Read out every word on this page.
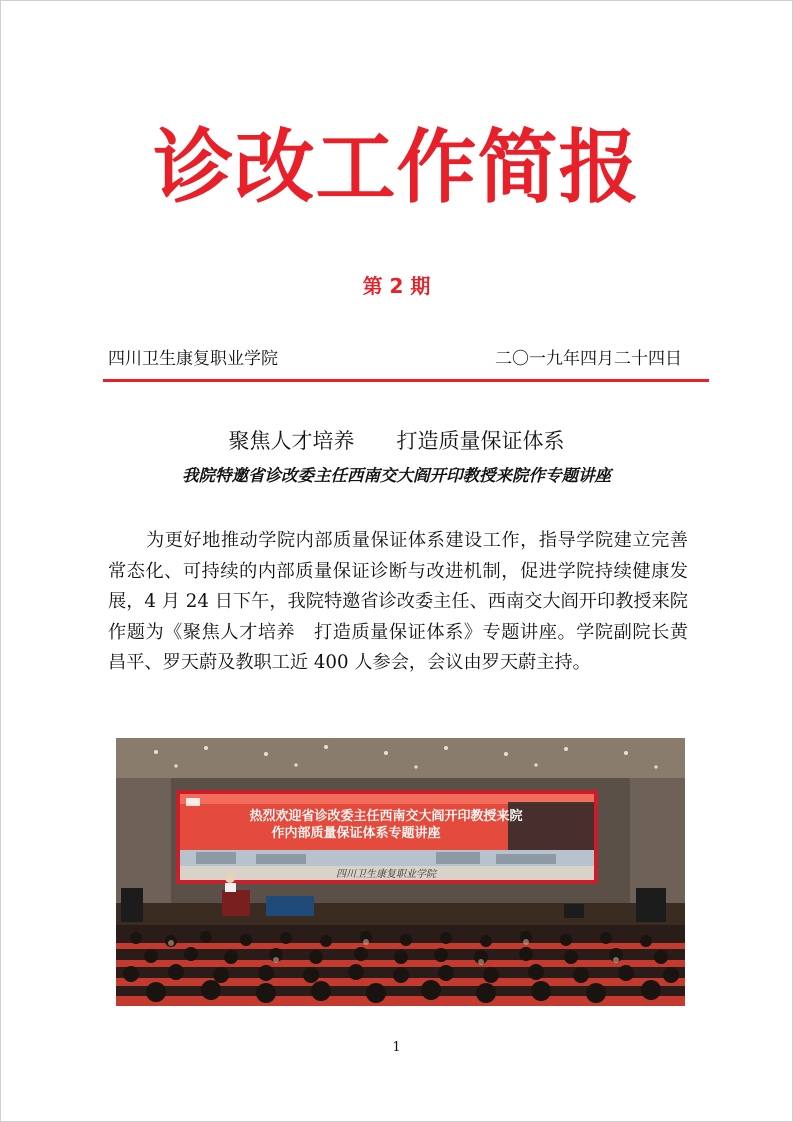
诊改工作简报
第 2 期
四川卫生康复职业学院	二〇一九年四月二十四日
聚焦人才培养　　打造质量保证体系
我院特邀省诊改委主任西南交大阎开印教授来院作专题讲座
为更好地推动学院内部质量保证体系建设工作，指导学院建立完善常态化、可持续的内部质量保证诊断与改进机制，促进学院持续健康发展，4 月 24 日下午，我院特邀省诊改委主任、西南交大阎开印教授来院作题为《聚焦人才培养　打造质量保证体系》专题讲座。学院副院长黄昌平、罗天蔚及教职工近 400 人参会，会议由罗天蔚主持。
热烈欢迎省诊改委主任西南交大阎开印教授来院
作内部质量保证体系专题讲座
四川卫生康复职业学院
1
